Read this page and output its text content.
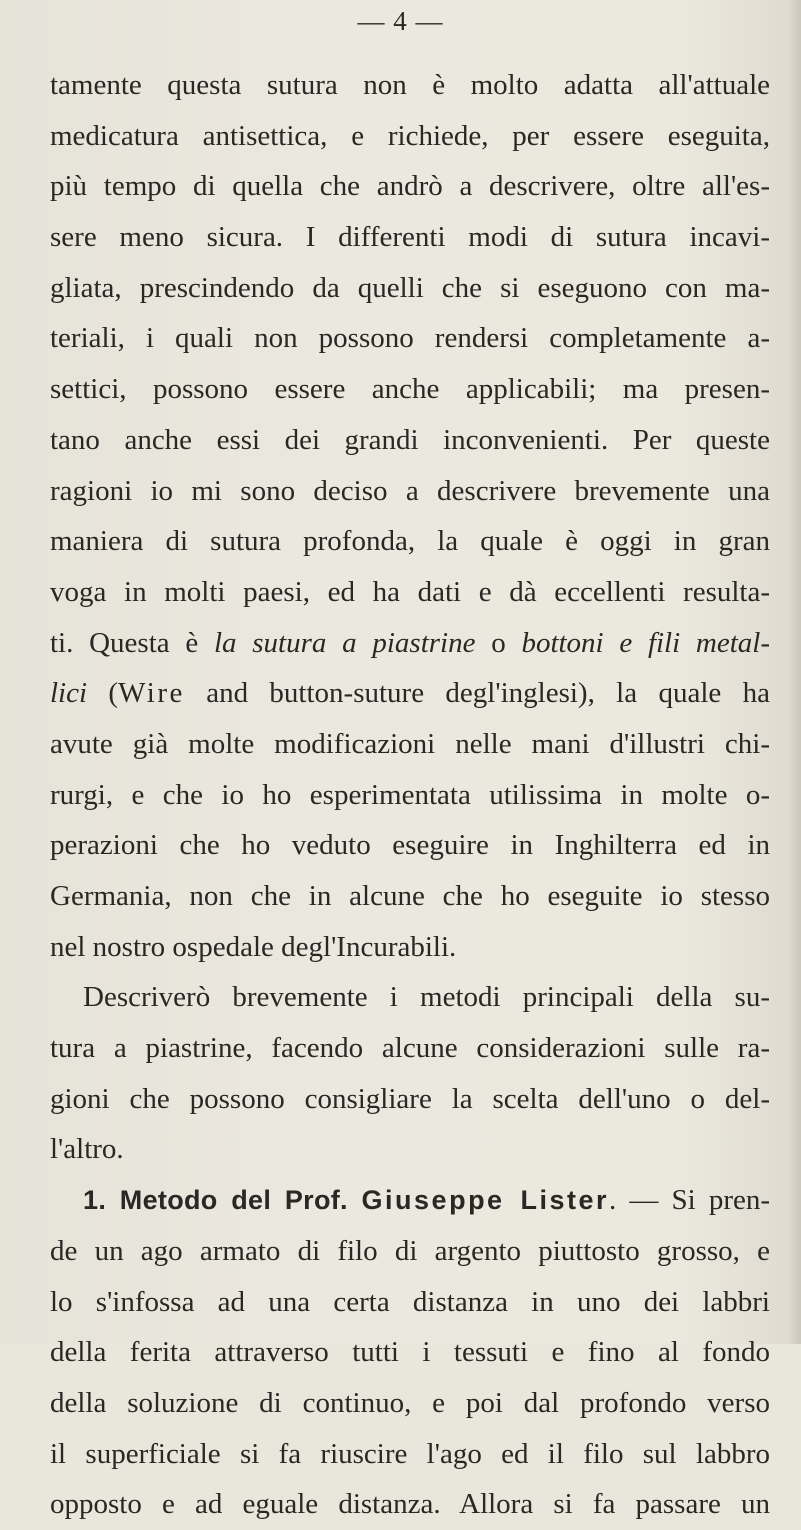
— 4 —
tamente questa sutura non è molto adatta all'attuale
medicatura antisettica, e richiede, per essere eseguita,
più tempo di quella che andrò a descrivere, oltre all'es-
sere meno sicura. I differenti modi di sutura incavi-
gliata, prescindendo da quelli che si eseguono con ma-
teriali, i quali non possono rendersi completamente a-
settici, possono essere anche applicabili; ma presen-
tano anche essi dei grandi inconvenienti. Per queste
ragioni io mi sono deciso a descrivere brevemente una
maniera di sutura profonda, la quale è oggi in gran
voga in molti paesi, ed ha dati e dà eccellenti resulta-
ti. Questa è la sutura a piastrine o bottoni e fili metal-
lici (Wire and button-suture degl'inglesi), la quale ha
avute già molte modificazioni nelle mani d'illustri chi-
rurgi, e che io ho esperimentata utilissima in molte o-
perazioni che ho veduto eseguire in Inghilterra ed in
Germania, non che in alcune che ho eseguite io stesso
nel nostro ospedale degl'Incurabili.
Descriverò brevemente i metodi principali della su-
tura a piastrine, facendo alcune considerazioni sulle ra-
gioni che possono consigliare la scelta dell'uno o del-
l'altro.
1. Metodo del Prof. Giuseppe Lister. — Si pren-
de un ago armato di filo di argento piuttosto grosso, e
lo s'infossa ad una certa distanza in uno dei labbri
della ferita attraverso tutti i tessuti e fino al fondo
della soluzione di continuo, e poi dal profondo verso
il superficiale si fa riuscire l'ago ed il filo sul labbro
opposto e ad eguale distanza. Allora si fa passare un
